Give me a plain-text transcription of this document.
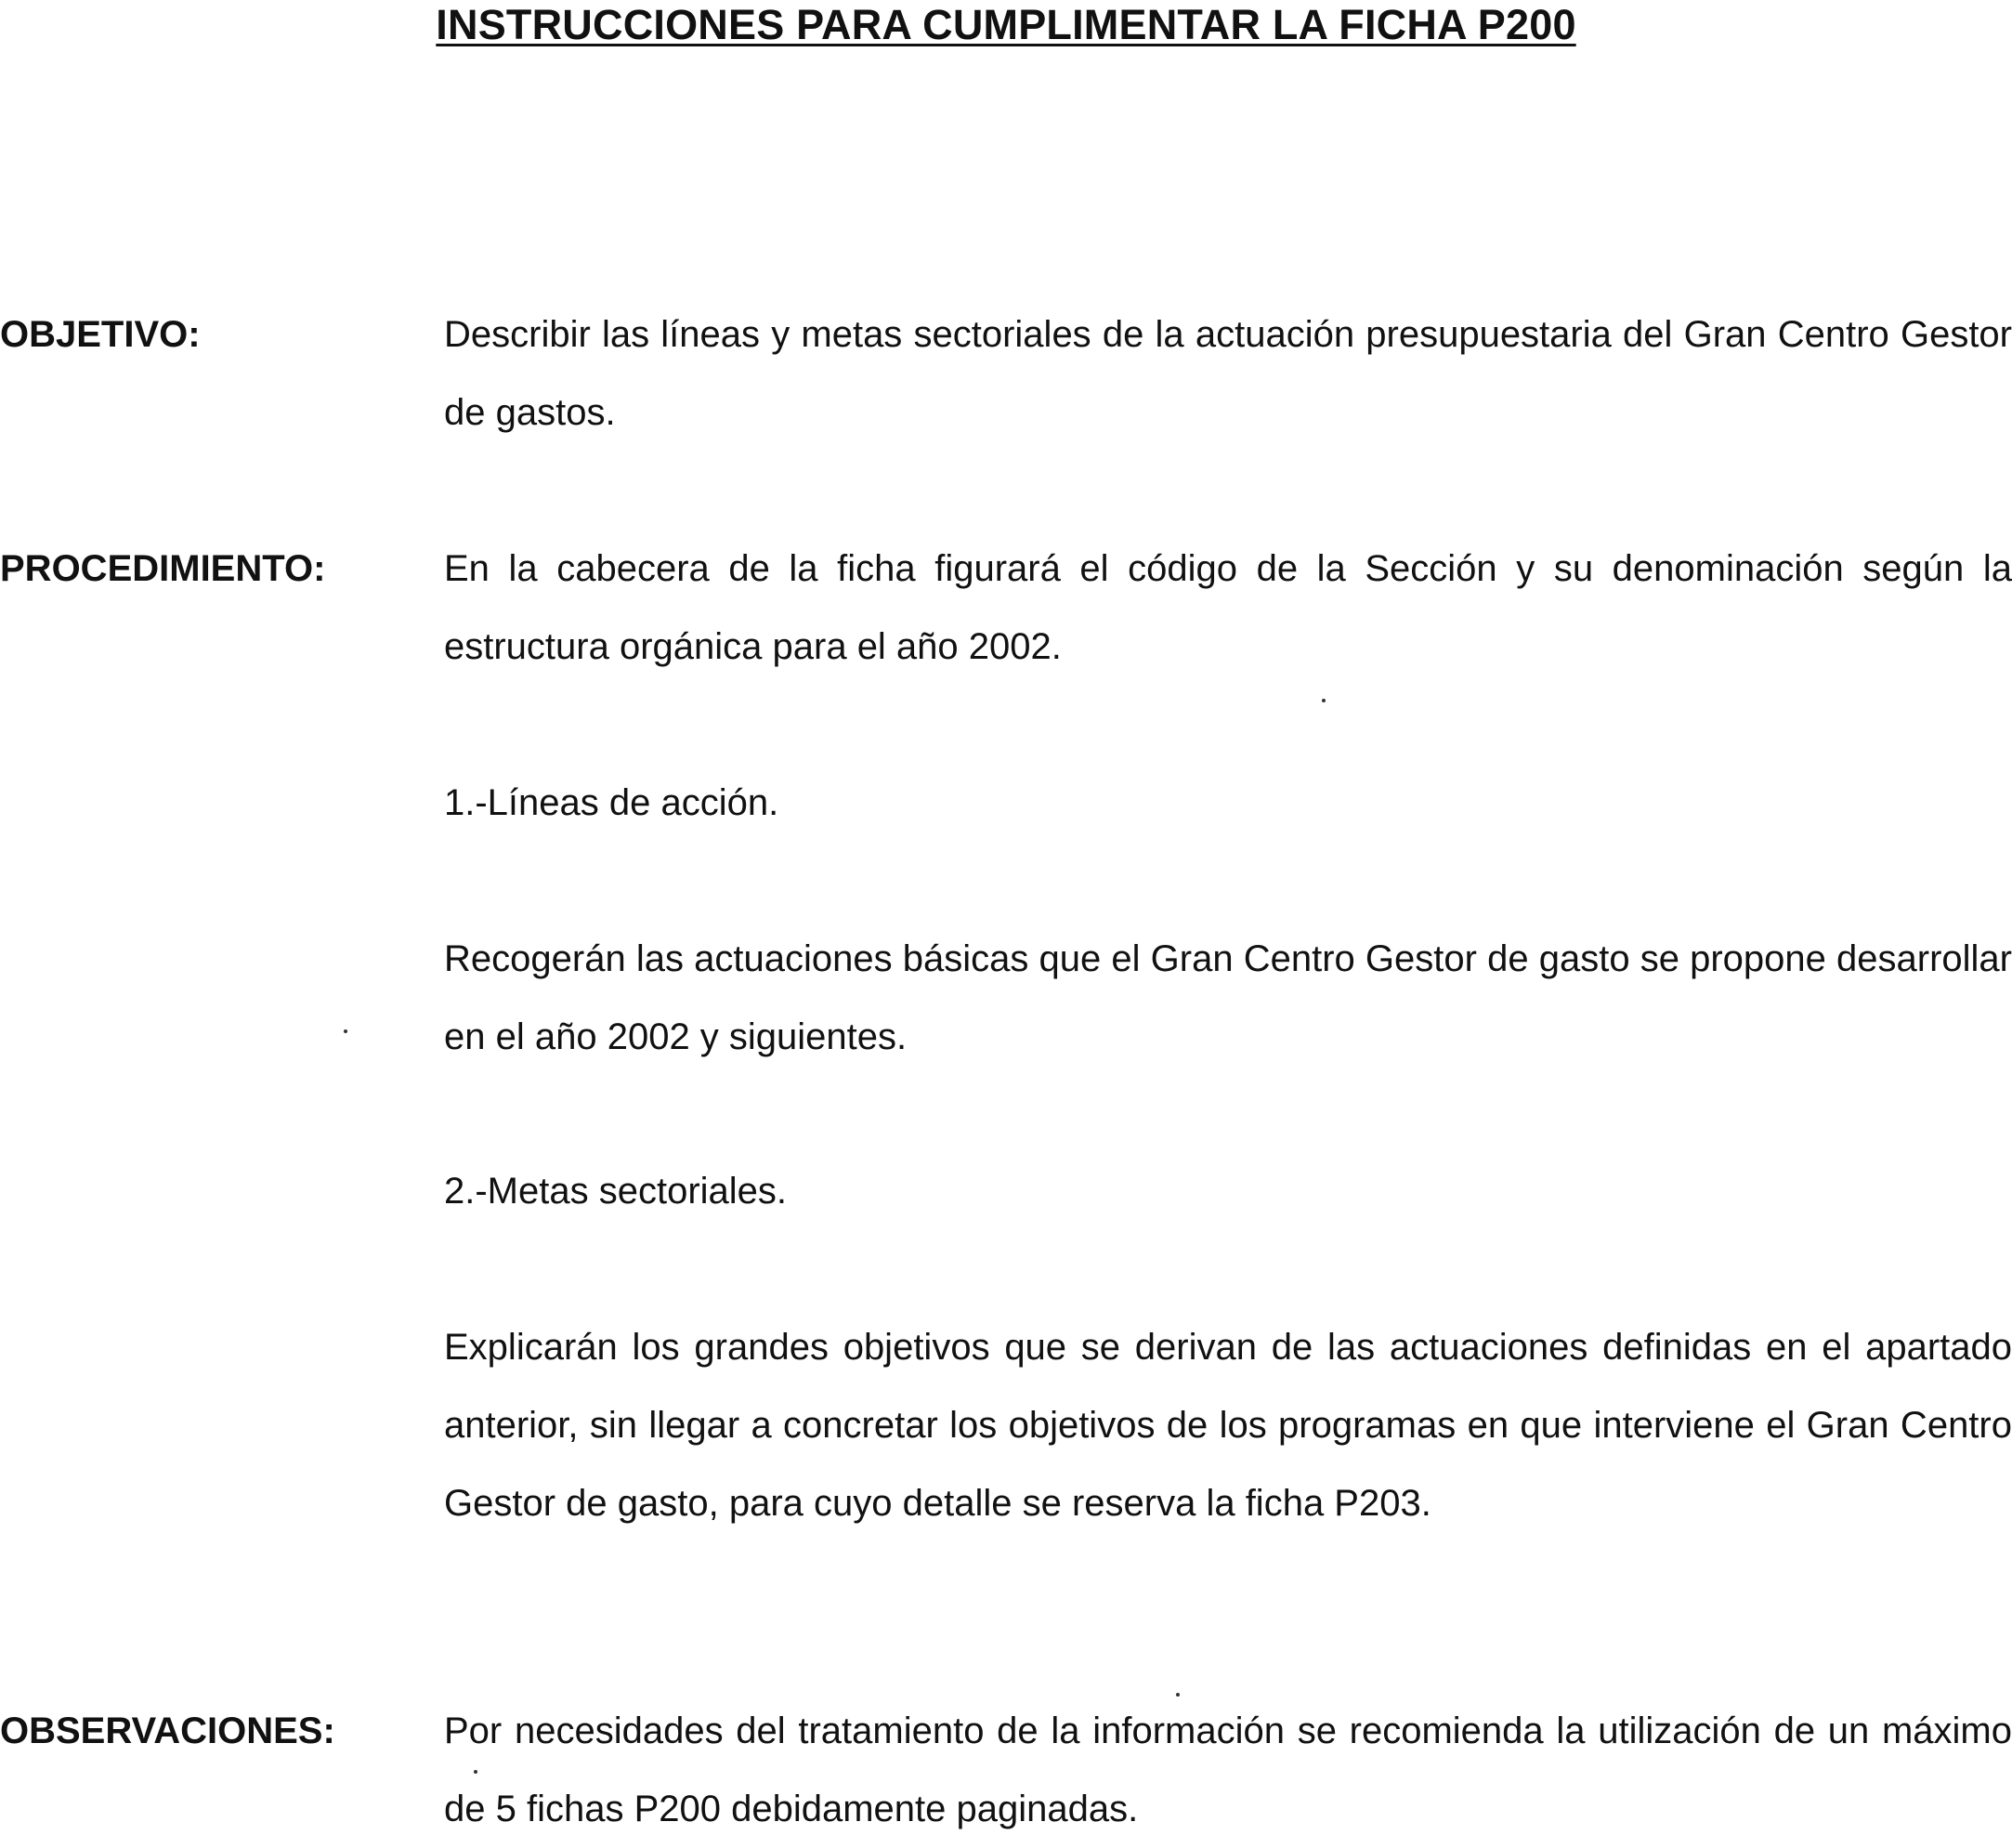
INSTRUCCIONES PARA CUMPLIMENTAR LA FICHA P200
OBJETIVO:	Describir las líneas y metas sectoriales de la actuación presupuestaria del Gran Centro Gestor de gastos.
PROCEDIMIENTO:	En la cabecera de la ficha figurará el código de la Sección y su denominación según la estructura orgánica para el año 2002.
1.-Líneas de acción.
Recogerán las actuaciones básicas que el Gran Centro Gestor de gasto se propone desarrollar en el año 2002 y siguientes.
2.-Metas sectoriales.
Explicarán los grandes objetivos que se derivan de las actuaciones definidas en el apartado anterior, sin llegar a concretar los objetivos de los programas en que interviene el Gran Centro Gestor de gasto, para cuyo detalle se reserva la ficha P203.
OBSERVACIONES:	Por necesidades del tratamiento de la información se recomienda la utilización de un máximo de 5 fichas P200 debidamente paginadas.
